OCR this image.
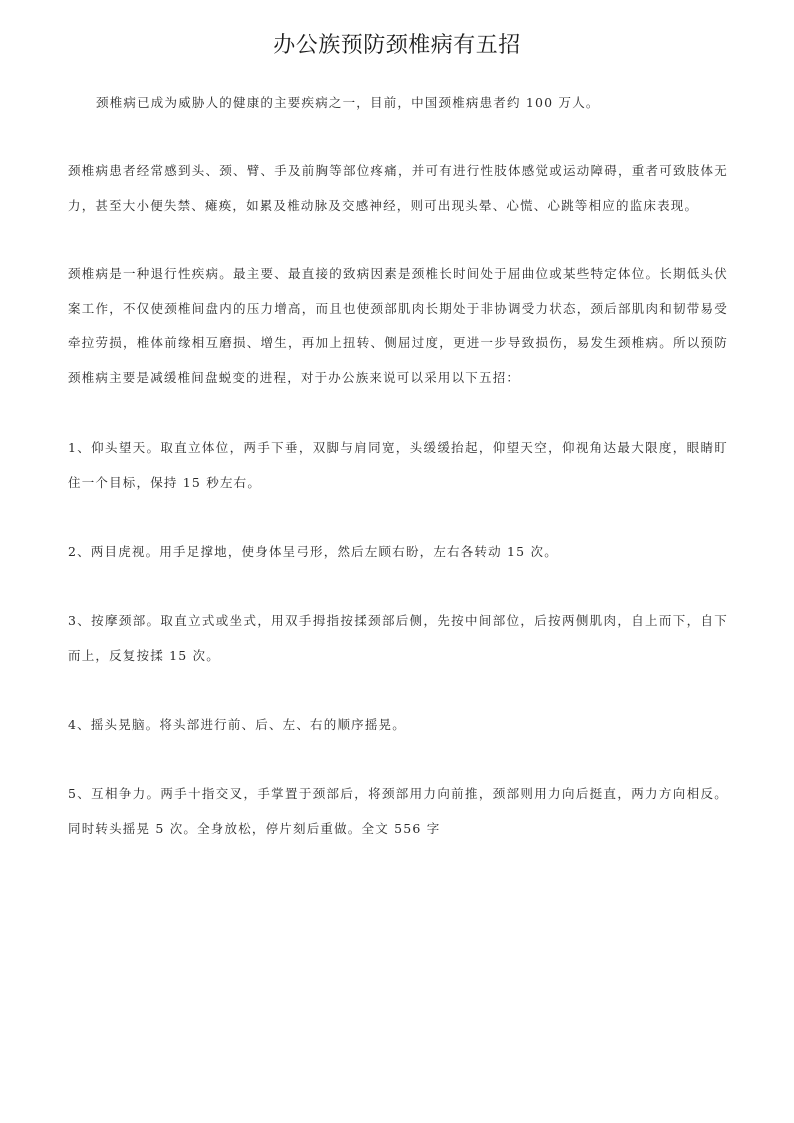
办公族预防颈椎病有五招

颈椎病已成为威胁人的健康的主要疾病之一，目前，中国颈椎病患者约 100 万人。

颈椎病患者经常感到头、颈、臂、手及前胸等部位疼痛，并可有进行性肢体感觉或运动障碍，重者可致肢体无力，甚至大小便失禁、瘫痪，如累及椎动脉及交感神经，则可出现头晕、心慌、心跳等相应的监床表现。

颈椎病是一种退行性疾病。最主要、最直接的致病因素是颈椎长时间处于屈曲位或某些特定体位。长期低头伏案工作，不仅使颈椎间盘内的压力增高，而且也使颈部肌肉长期处于非协调受力状态，颈后部肌肉和韧带易受牵拉劳损，椎体前缘相互磨损、增生，再加上扭转、侧屈过度，更进一步导致损伤，易发生颈椎病。所以预防颈椎病主要是减缓椎间盘蜕变的进程，对于办公族来说可以采用以下五招：

1、仰头望天。取直立体位，两手下垂，双脚与肩同宽，头缓缓抬起，仰望天空，仰视角达最大限度，眼睛盯住一个目标，保持 15 秒左右。

2、两目虎视。用手足撑地，使身体呈弓形，然后左顾右盼，左右各转动 15 次。

3、按摩颈部。取直立式或坐式，用双手拇指按揉颈部后侧，先按中间部位，后按两侧肌肉，自上而下，自下而上，反复按揉 15 次。

4、摇头晃脑。将头部进行前、后、左、右的顺序摇晃。

5、互相争力。两手十指交叉，手掌置于颈部后，将颈部用力向前推，颈部则用力向后挺直，两力方向相反。同时转头摇晃 5 次。全身放松，停片刻后重做。全文 556 字
